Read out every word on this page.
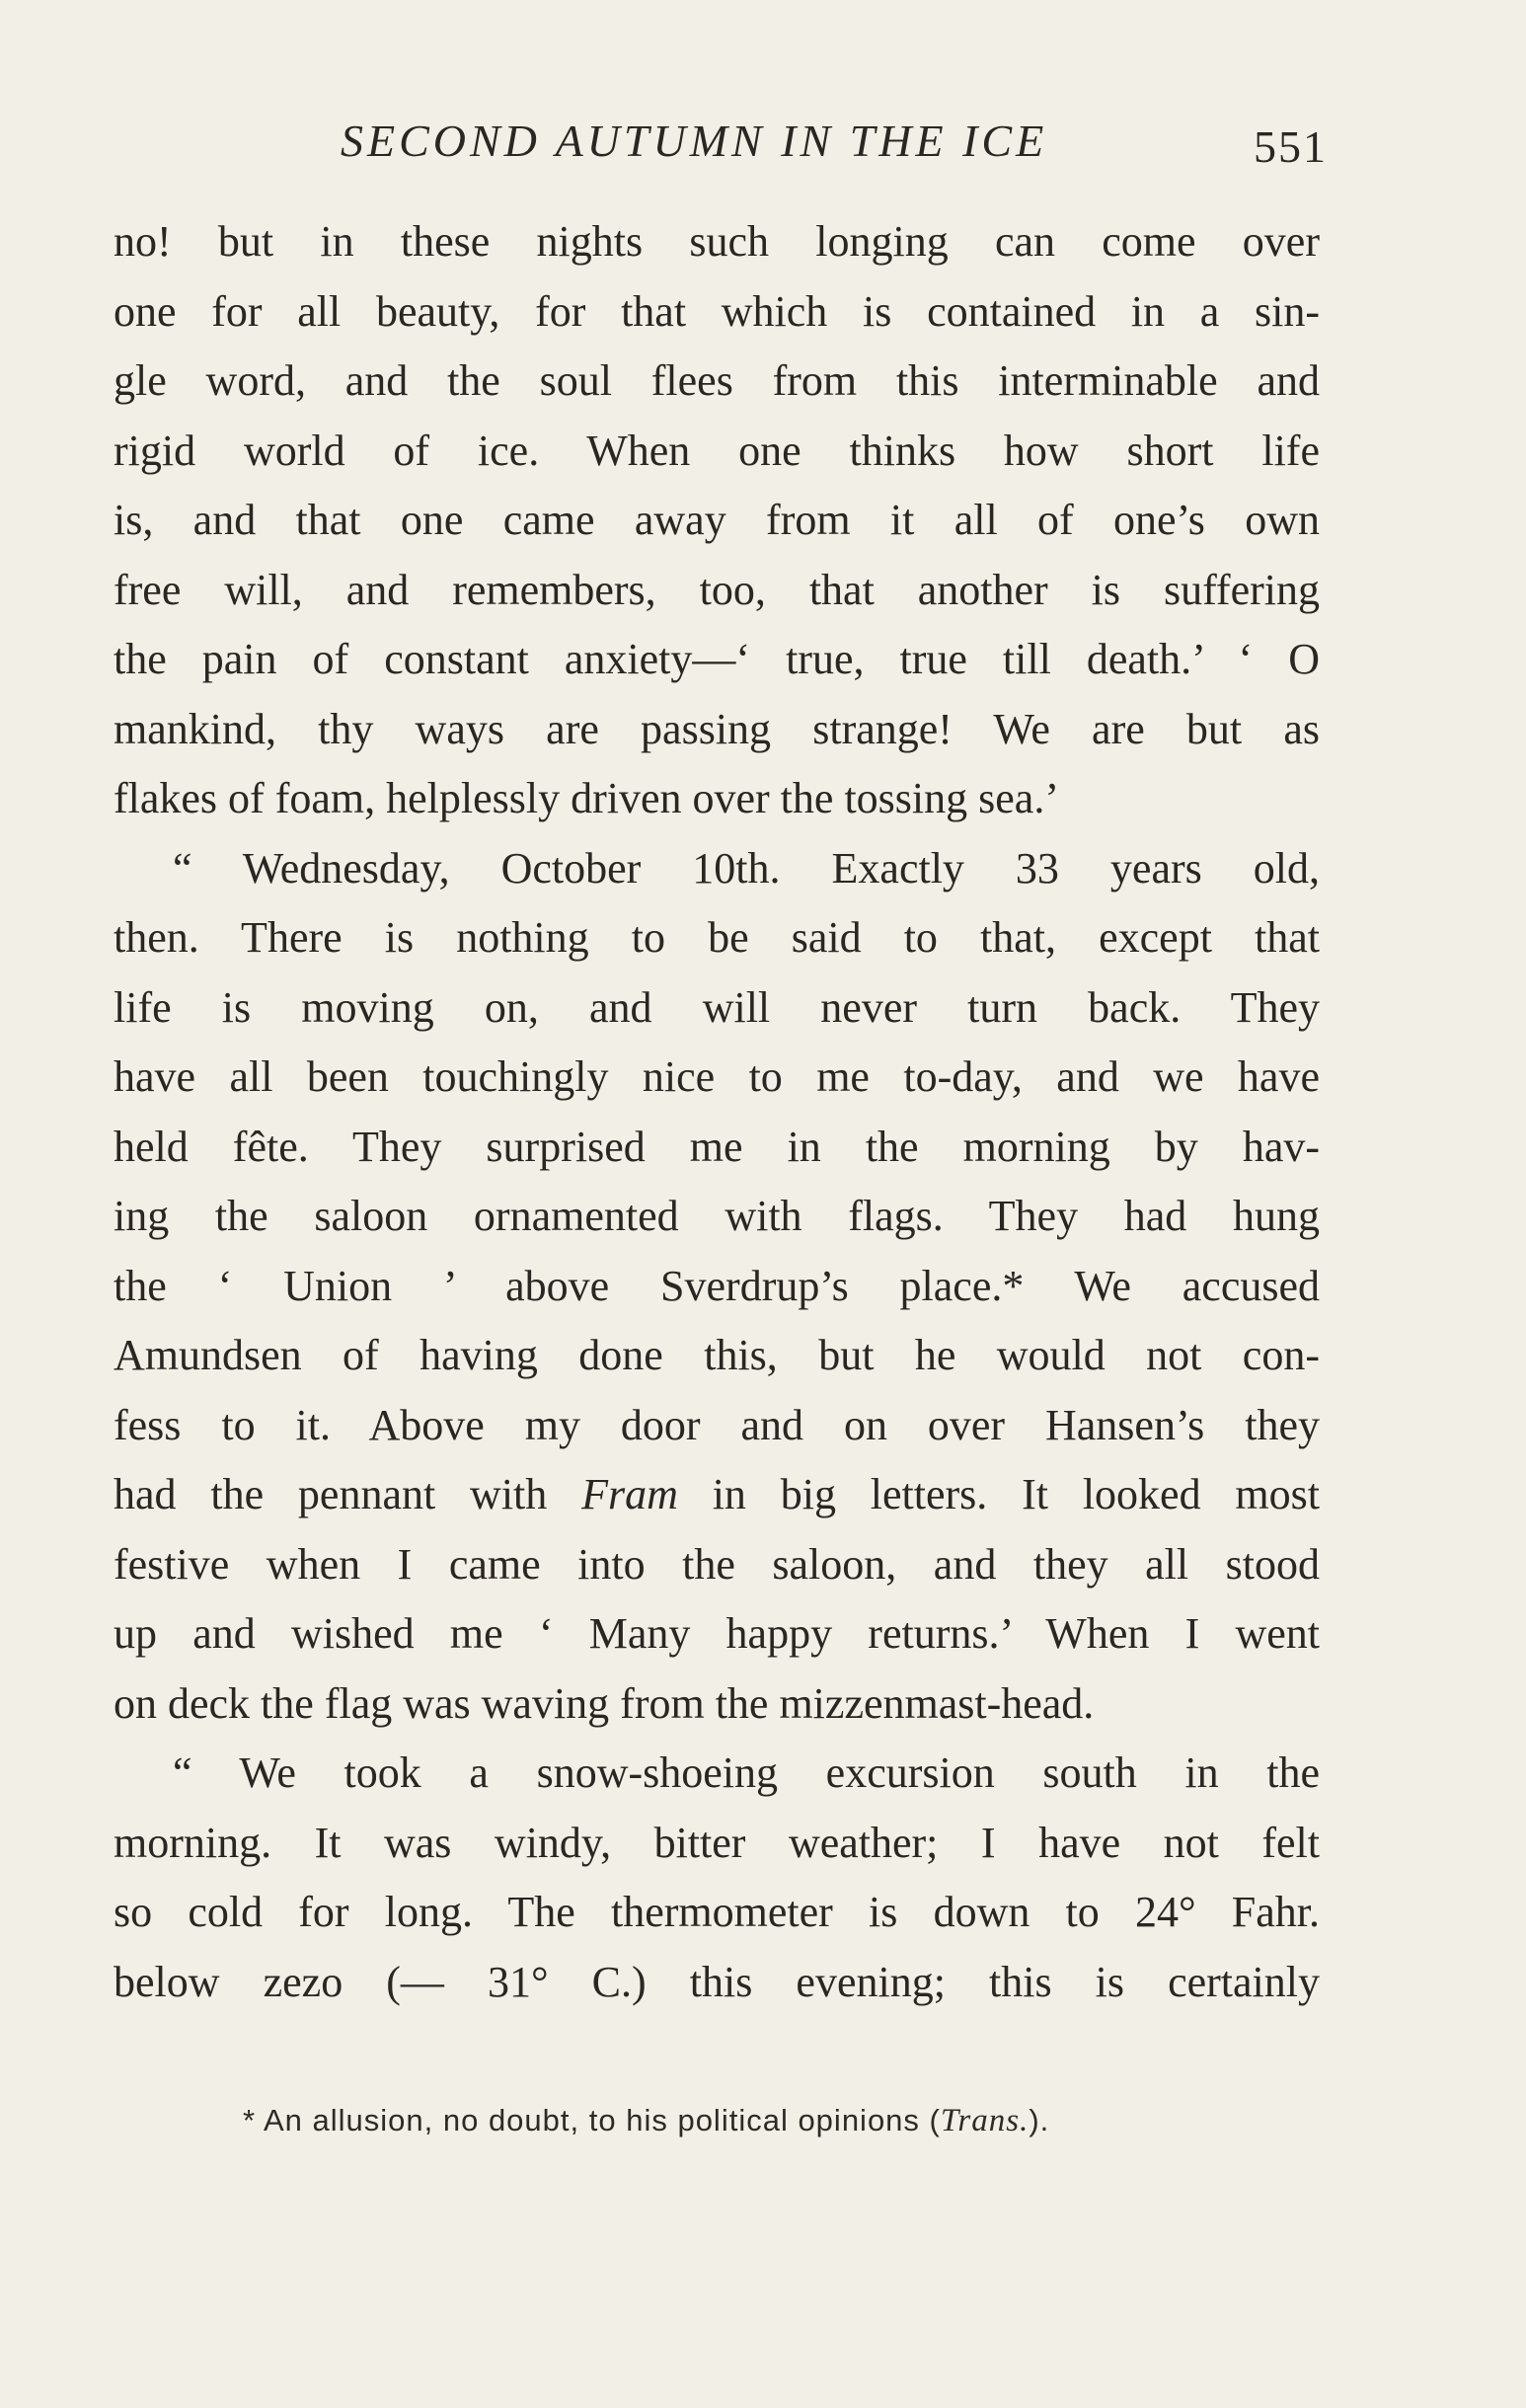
SECOND AUTUMN IN THE ICE	551
no! but in these nights such longing can come over
one for all beauty, for that which is contained in a sin-
gle word, and the soul flees from this interminable and
rigid world of ice. When one thinks how short life
is, and that one came away from it all of one’s own
free will, and remembers, too, that another is suffering
the pain of constant anxiety—‘ true, true till death.’ ‘ O
mankind, thy ways are passing strange! We are but as
flakes of foam, helplessly driven over the tossing sea.’
“ Wednesday, October 10th. Exactly 33 years old,
then. There is nothing to be said to that, except that
life is moving on, and will never turn back. They
have all been touchingly nice to me to-day, and we have
held fête. They surprised me in the morning by hav-
ing the saloon ornamented with flags. They had hung
the ‘ Union ’ above Sverdrup’s place.* We accused
Amundsen of having done this, but he would not con-
fess to it. Above my door and on over Hansen’s they
had the pennant with Fram in big letters. It looked most
festive when I came into the saloon, and they all stood
up and wished me ‘ Many happy returns.’ When I went
on deck the flag was waving from the mizzenmast-head.
“ We took a snow-shoeing excursion south in the
morning. It was windy, bitter weather; I have not felt
so cold for long. The thermometer is down to 24° Fahr.
below zezo (— 31° C.) this evening; this is certainly
* An allusion, no doubt, to his political opinions (Trans.).
